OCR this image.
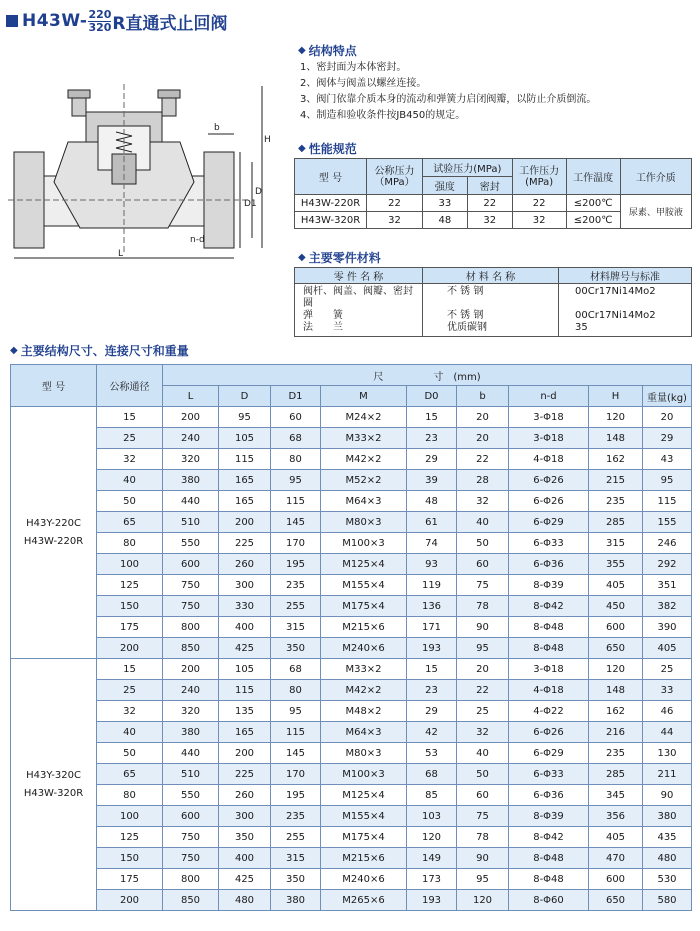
$H43W- \frac{220}{320}$ R直通式止回阀
◆ 结构特点
1、密封面为本体密封。
2、阀体与阀盖以螺丝连接。
3、阀门依靠介质本身的流动和弹簧力启闭阀瓣，以防止介质倒流。
4、制造和验收条件按JB450的规定。
b
D1
D
n-d
H
L
◆ 性能规范
型 号	公称压力
（MPa）	试验压力(MPa)		工作压力
(MPa)	工作温度	工作介质
		强度	密封			
H43W-220R	22	33	22	22	≤200℃	尿素、甲胺液
H43W-320R	32	48	32	32	≤200℃	
◆ 主要零件材料
零 件 名 称	材 料 名 称	材料牌号与标准
阀杆、阀盖、阀瓣、密封圈	不 锈 钢	00Cr17Ni14Mo2
弹　　簧	不 锈 钢	00Cr17Ni14Mo2
法　　兰	优质碳钢	35
◆ 主要结构尺寸、连接尺寸和重量
型 号	公称通径	尺　　　　　寸　(mm)								
		L	D	D1	M	D0	b	n-d	H	重量(kg)

H43Y-220C
H43W-220R	15	200	95	60	M24×2	15	20	3-Φ18	120	20
	25	240	105	68	M33×2	23	20	3-Φ18	148	29
	32	320	115	80	M42×2	29	22	4-Φ18	162	43
	40	380	165	95	M52×2	39	28	6-Φ26	215	95
	50	440	165	115	M64×3	48	32	6-Φ26	235	115
	65	510	200	145	M80×3	61	40	6-Φ29	285	155
	80	550	225	170	M100×3	74	50	6-Φ33	315	246
	100	600	260	195	M125×4	93	60	6-Φ36	355	292
	125	750	300	235	M155×4	119	75	8-Φ39	405	351
	150	750	330	255	M175×4	136	78	8-Φ42	450	382
	175	800	400	315	M215×6	171	90	8-Φ48	600	390
	200	850	425	350	M240×6	193	95	8-Φ48	650	405

H43Y-320C
H43W-320R	15	200	105	68	M33×2	15	20	3-Φ18	120	25
	25	240	115	80	M42×2	23	22	4-Φ18	148	33
	32	320	135	95	M48×2	29	25	4-Φ22	162	46
	40	380	165	115	M64×3	42	32	6-Φ26	216	44
	50	440	200	145	M80×3	53	40	6-Φ29	235	130
	65	510	225	170	M100×3	68	50	6-Φ33	285	211
	80	550	260	195	M125×4	85	60	6-Φ36	345	90
	100	600	300	235	M155×4	103	75	8-Φ39	356	380
	125	750	350	255	M175×4	120	78	8-Φ42	405	435
	150	750	400	315	M215×6	149	90	8-Φ48	470	480
	175	800	425	350	M240×6	173	95	8-Φ48	600	530
	200	850	480	380	M265×6	193	120	8-Φ60	650	580
